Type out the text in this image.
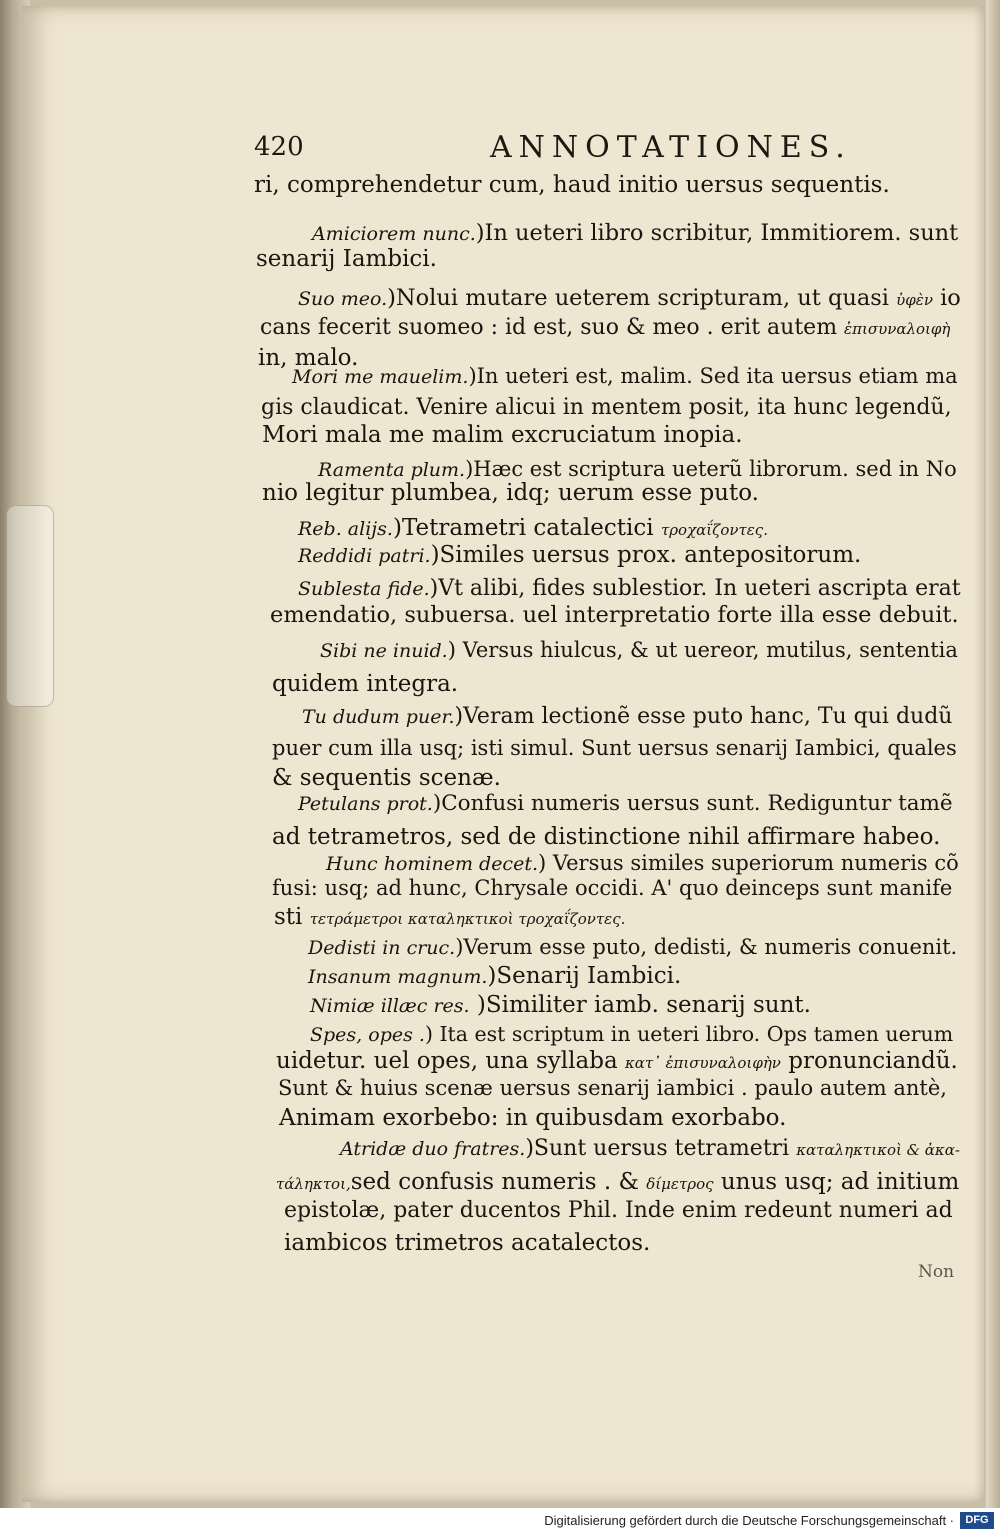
420	ANNOTATIONES.
ri, comprehendetur cum, haud initio uersus sequentis.
Amiciorem nunc.)In ueteri libro scribitur, Immitiorem. sunt
senarij Iambici.
Suo meo.)Nolui mutare ueterem scripturam, ut quasi ὑφὲν io
cans fecerit suomeo : id est, suo & meo . erit autem ἐπισυναλοιφὴ
in, malo.
Mori me mauelim.)In ueteri est, malim. Sed ita uersus etiam ma
gis claudicat. Venire alicui in mentem posit, ita hunc legendũ,
Mori mala me malim excruciatum inopia.
Ramenta plum.)Hæc est scriptura ueterũ librorum. sed in No
nio legitur plumbea, idq; uerum esse puto.
Reb. alijs.)Tetrametri catalectici τροχαΐζοντες.
Reddidi patri.)Similes uersus prox. antepositorum.
Sublesta fide.)Vt alibi, fides sublestior. In ueteri ascripta erat
emendatio, subuersa. uel interpretatio forte illa esse debuit.
Sibi ne inuid.) Versus hiulcus, & ut uereor, mutilus, sententia
quidem integra.
Tu dudum puer.)Veram lectionẽ esse puto hanc, Tu qui dudũ
puer cum illa usq; isti simul. Sunt uersus senarij Iambici, quales
& sequentis scenæ.
Petulans prot.)Confusi numeris uersus sunt. Rediguntur tamẽ
ad tetrametros, sed de distinctione nihil affirmare habeo.
Hunc hominem decet.) Versus similes superiorum numeris cõ
fusi: usq; ad hunc, Chrysale occidi. A' quo deinceps sunt manife
sti τετράμετροι καταληκτικοὶ τροχαΐζοντες.
Dedisti in cruc.)Verum esse puto, dedisti, & numeris conuenit.
Insanum magnum.)Senarij Iambici.
Nimiæ illæc res. )Similiter iamb. senarij sunt.
Spes, opes .) Ita est scriptum in ueteri libro. Ops tamen uerum
uidetur. uel opes, una syllaba κατ᾽ ἐπισυναλοιφὴν pronunciandũ.
Sunt & huius scenæ uersus senarij iambici . paulo autem antè,
Animam exorbebo: in quibusdam exorbabo.
Atridæ duo fratres.)Sunt uersus tetrametri καταληκτικοὶ & ἀκα-
τάληκτοι,sed confusis numeris . & δίμετρος unus usq; ad initium
epistolæ, pater ducentos Phil. Inde enim redeunt numeri ad
iambicos trimetros acatalectos.
Non
Digitalisierung gefördert durch die Deutsche Forschungsgemeinschaft ·	DFG
